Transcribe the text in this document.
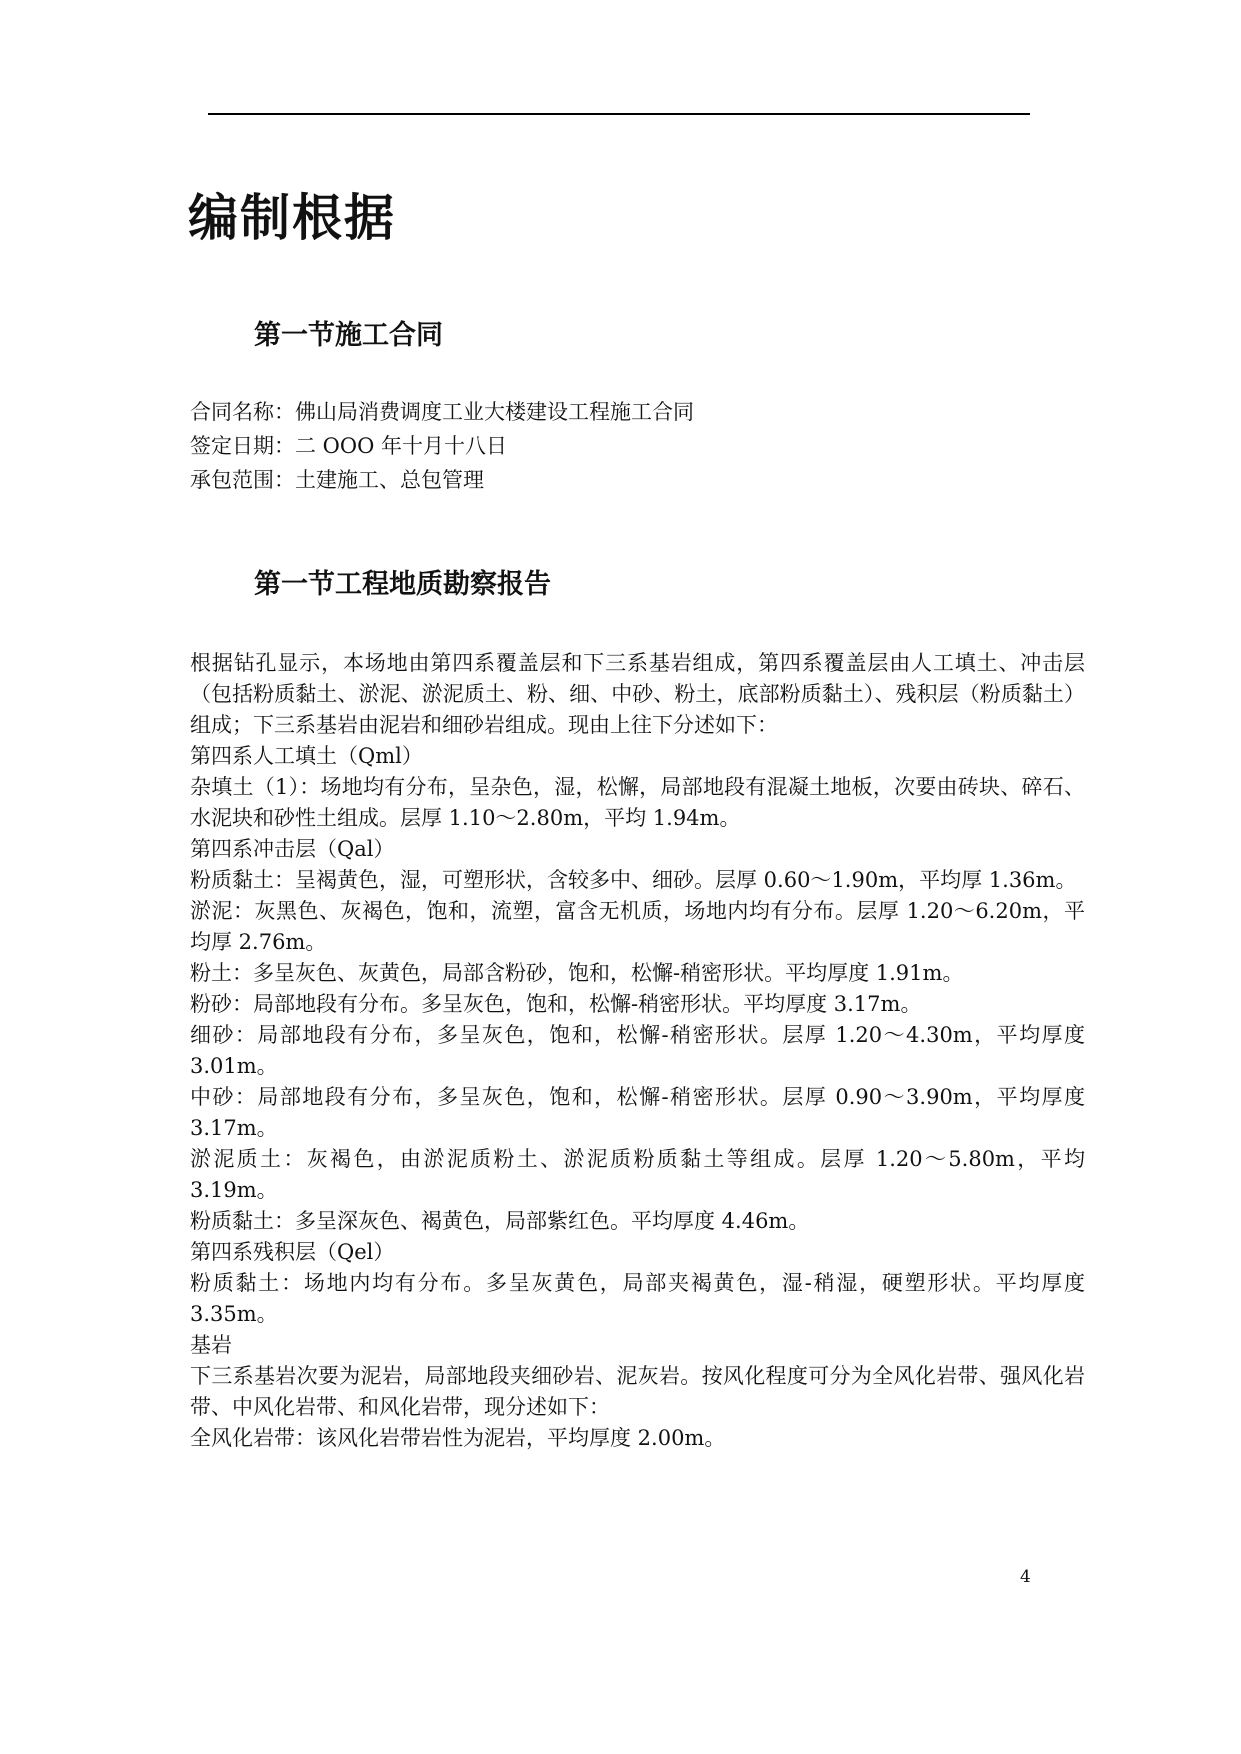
编制根据
第一节施工合同

合同名称：佛山局消费调度工业大楼建设工程施工合同

签定日期：二 OOO 年十月十八日

承包范围：土建施工、总包管理

第一节工程地质勘察报告

根据钻孔显示，本场地由第四系覆盖层和下三系基岩组成，第四系覆盖层由人工填土、冲击层（包括粉质黏土、淤泥、淤泥质土、粉、细、中砂、粉土，底部粉质黏土）、残积层（粉质黏土）组成；下三系基岩由泥岩和细砂岩组成。现由上往下分述如下：

第四系人工填土（Qml）

杂填土（1）：场地均有分布，呈杂色，湿，松懈，局部地段有混凝土地板，次要由砖块、碎石、水泥块和砂性土组成。层厚 1.10～2.80m，平均 1.94m。

第四系冲击层（Qal）

粉质黏土：呈褐黄色，湿，可塑形状，含较多中、细砂。层厚 0.60～1.90m，平均厚 1.36m。

淤泥：灰黑色、灰褐色，饱和，流塑，富含无机质，场地内均有分布。层厚 1.20～6.20m，平均厚 2.76m。

粉土：多呈灰色、灰黄色，局部含粉砂，饱和，松懈-稍密形状。平均厚度 1.91m。

粉砂：局部地段有分布。多呈灰色，饱和，松懈-稍密形状。平均厚度 3.17m。

细砂：局部地段有分布，多呈灰色，饱和，松懈-稍密形状。层厚 1.20～4.30m，平均厚度 3.01m。

中砂：局部地段有分布，多呈灰色，饱和，松懈-稍密形状。层厚 0.90～3.90m，平均厚度 3.17m。

淤泥质土：灰褐色，由淤泥质粉土、淤泥质粉质黏土等组成。层厚 1.20～5.80m，平均 3.19m。

粉质黏土：多呈深灰色、褐黄色，局部紫红色。平均厚度 4.46m。

第四系残积层（Qel）

粉质黏土：场地内均有分布。多呈灰黄色，局部夹褐黄色，湿-稍湿，硬塑形状。平均厚度 3.35m。

基岩

下三系基岩次要为泥岩，局部地段夹细砂岩、泥灰岩。按风化程度可分为全风化岩带、强风化岩带、中风化岩带、和风化岩带，现分述如下：

全风化岩带：该风化岩带岩性为泥岩，平均厚度 2.00m。

4
